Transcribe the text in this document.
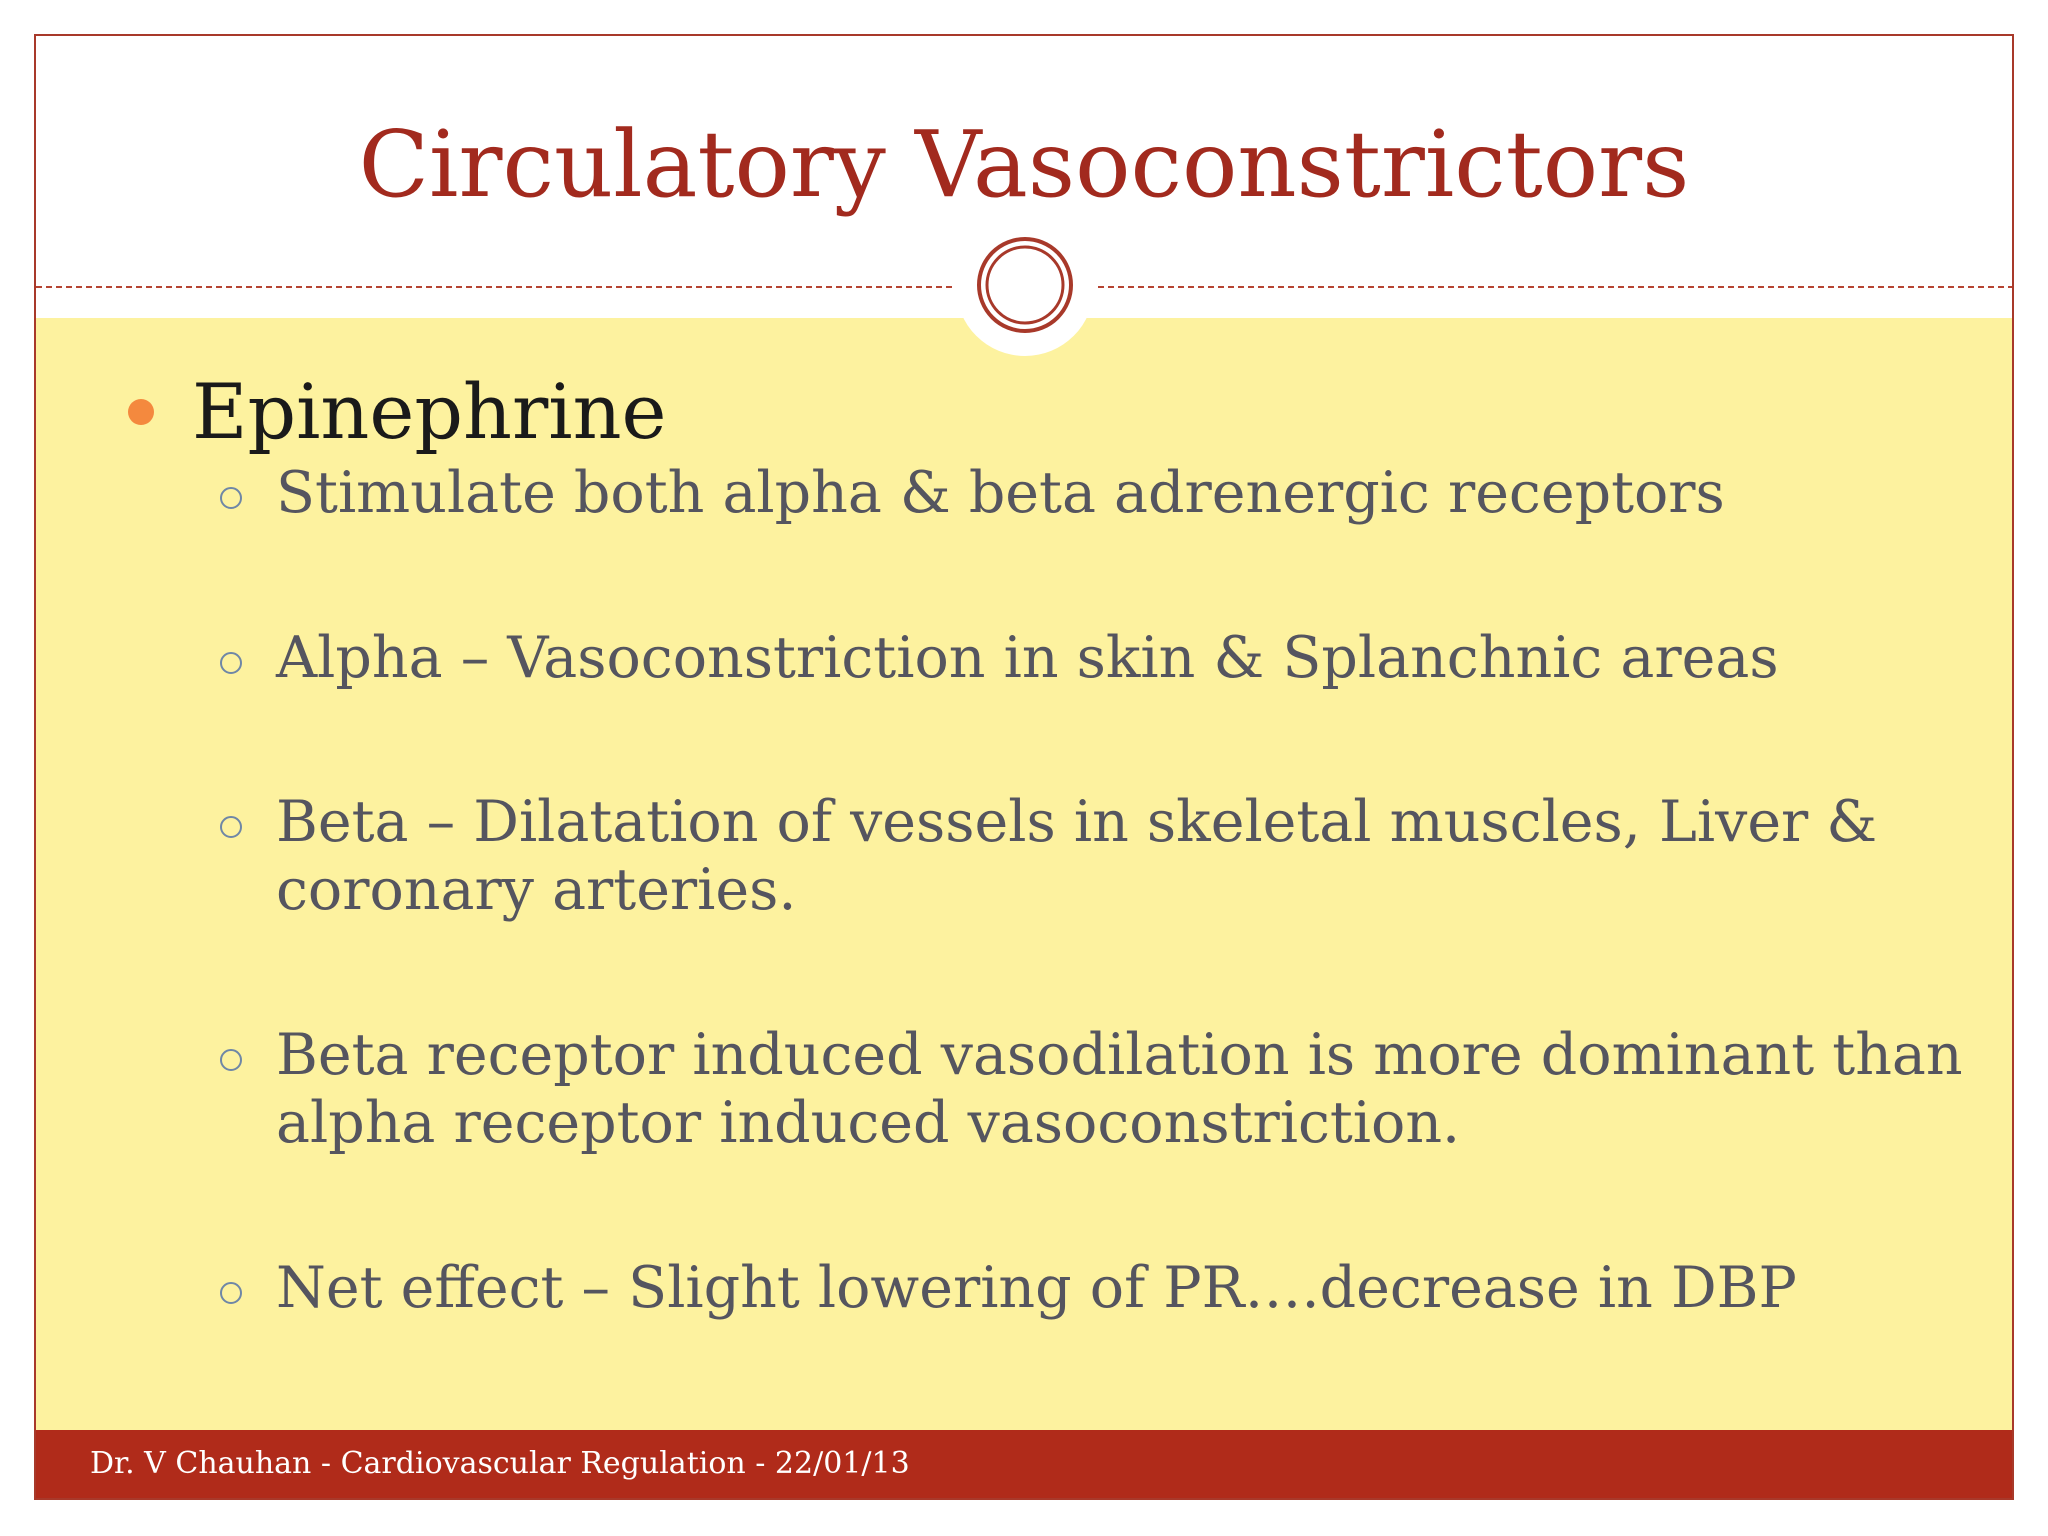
Circulatory Vasoconstrictors
Epinephrine
Stimulate both alpha & beta adrenergic receptors
Alpha – Vasoconstriction in skin & Splanchnic areas
Beta – Dilatation of vessels in skeletal muscles, Liver & coronary arteries.
Beta receptor induced vasodilation is more dominant than alpha receptor induced vasoconstriction.
Net effect – Slight lowering of PR….decrease in DBP
Dr. V Chauhan - Cardiovascular Regulation - 22/01/13
